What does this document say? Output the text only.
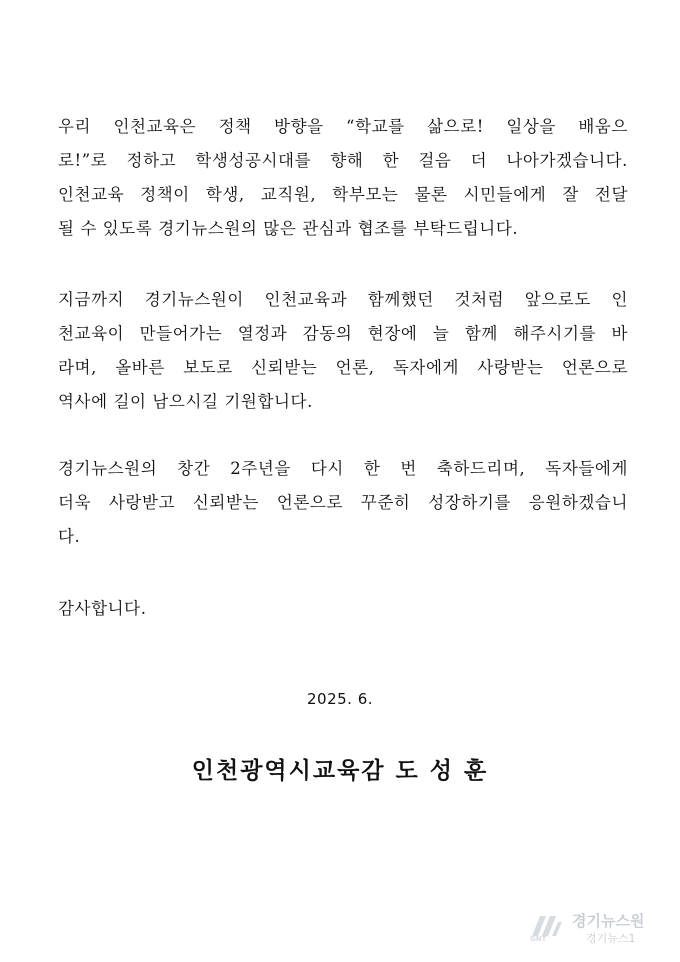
우리 인천교육은 정책 방향을 “학교를 삶으로! 일상을 배움으
로!”로 정하고 학생성공시대를 향해 한 걸음 더 나아가겠습니다.
인천교육 정책이 학생, 교직원, 학부모는 물론 시민들에게 잘 전달
될 수 있도록 경기뉴스원의 많은 관심과 협조를 부탁드립니다.
지금까지 경기뉴스원이 인천교육과 함께했던 것처럼 앞으로도 인
천교육이 만들어가는 열정과 감동의 현장에 늘 함께 해주시기를 바
라며, 올바른 보도로 신뢰받는 언론, 독자에게 사랑받는 언론으로
역사에 길이 남으시길 기원합니다.
경기뉴스원의 창간 2주년을 다시 한 번 축하드리며, 독자들에게
더욱 사랑받고 신뢰받는 언론으로 꾸준히 성장하기를 응원하겠습니
다.
감사합니다.
2025. 6.
인천광역시교육감 도 성 훈
GNT
경기뉴스원
경기뉴스1
